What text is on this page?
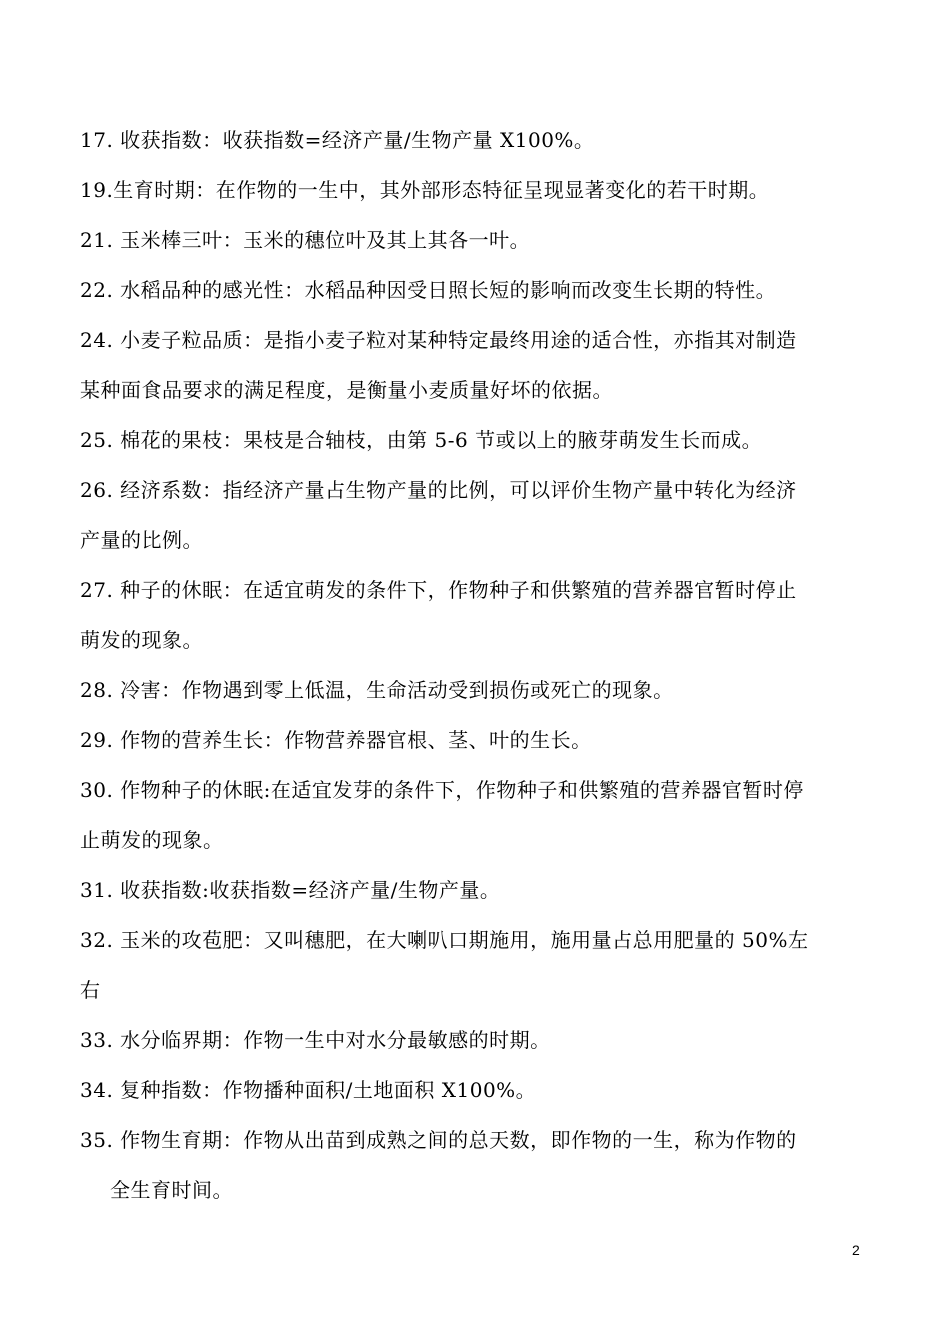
17. 收获指数：收获指数=经济产量/生物产量 X100%。
19.生育时期：在作物的一生中，其外部形态特征呈现显著变化的若干时期。
21. 玉米棒三叶：玉米的穗位叶及其上其各一叶。
22. 水稻品种的感光性：水稻品种因受日照长短的影响而改变生长期的特性。
24. 小麦子粒品质：是指小麦子粒对某种特定最终用途的适合性，亦指其对制造
某种面食品要求的满足程度，是衡量小麦质量好坏的依据。
25. 棉花的果枝：果枝是合轴枝，由第 5-6 节或以上的腋芽萌发生长而成。
26. 经济系数：指经济产量占生物产量的比例，可以评价生物产量中转化为经济
产量的比例。
27. 种子的休眠：在适宜萌发的条件下，作物种子和供繁殖的营养器官暂时停止
萌发的现象。
28. 冷害：作物遇到零上低温，生命活动受到损伤或死亡的现象。
29. 作物的营养生长：作物营养器官根、茎、叶的生长。
30. 作物种子的休眠:在适宜发芽的条件下，作物种子和供繁殖的营养器官暂时停
止萌发的现象。
31. 收获指数:收获指数=经济产量/生物产量。
32. 玉米的攻苞肥：又叫穗肥，在大喇叭口期施用，施用量占总用肥量的 50%左
右
33. 水分临界期：作物一生中对水分最敏感的时期。
34. 复种指数：作物播种面积/土地面积 X100%。
35. 作物生育期：作物从出苗到成熟之间的总天数，即作物的一生，称为作物的
全生育时间。
2
